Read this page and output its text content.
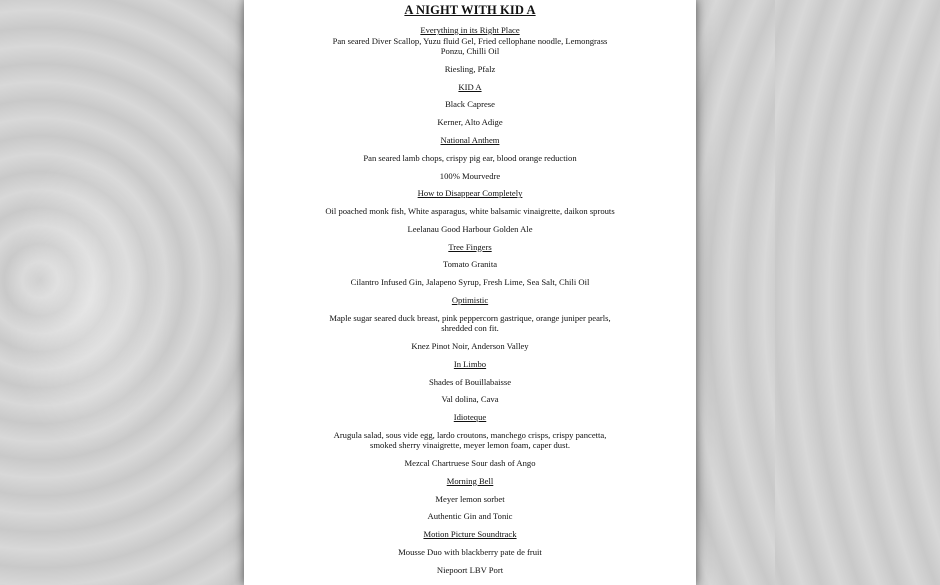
A NIGHT WITH KID A
Everything in its Right Place
Pan seared Diver Scallop, Yuzu fluid Gel, Fried cellophane noodle, Lemongrass
Ponzu, Chilli Oil
Riesling, Pfalz
KID A
Black Caprese
Kerner, Alto Adige
National Anthem
Pan seared lamb chops, crispy pig ear, blood orange reduction
100% Mourvedre
How to Disappear Completely
Oil poached monk fish, White asparagus, white balsamic vinaigrette, daikon sprouts
Leelanau Good Harbour Golden Ale
Tree Fingers
Tomato Granita
Cilantro Infused Gin, Jalapeno Syrup, Fresh Lime, Sea Salt, Chili Oil
Optimistic
Maple sugar seared duck breast, pink peppercorn gastrique, orange juniper pearls,
shredded con fit.
Knez Pinot Noir, Anderson Valley
In Limbo
Shades of Bouillabaisse
Val dolina, Cava
Idioteque
Arugula salad, sous vide egg, lardo croutons, manchego crisps, crispy pancetta,
smoked sherry vinaigrette, meyer lemon foam, caper dust.
Mezcal Chartruese Sour dash of Ango
Morning Bell
Meyer lemon sorbet
Authentic Gin and Tonic
Motion Picture Soundtrack
Mousse Duo with blackberry pate de fruit
Niepoort LBV Port
